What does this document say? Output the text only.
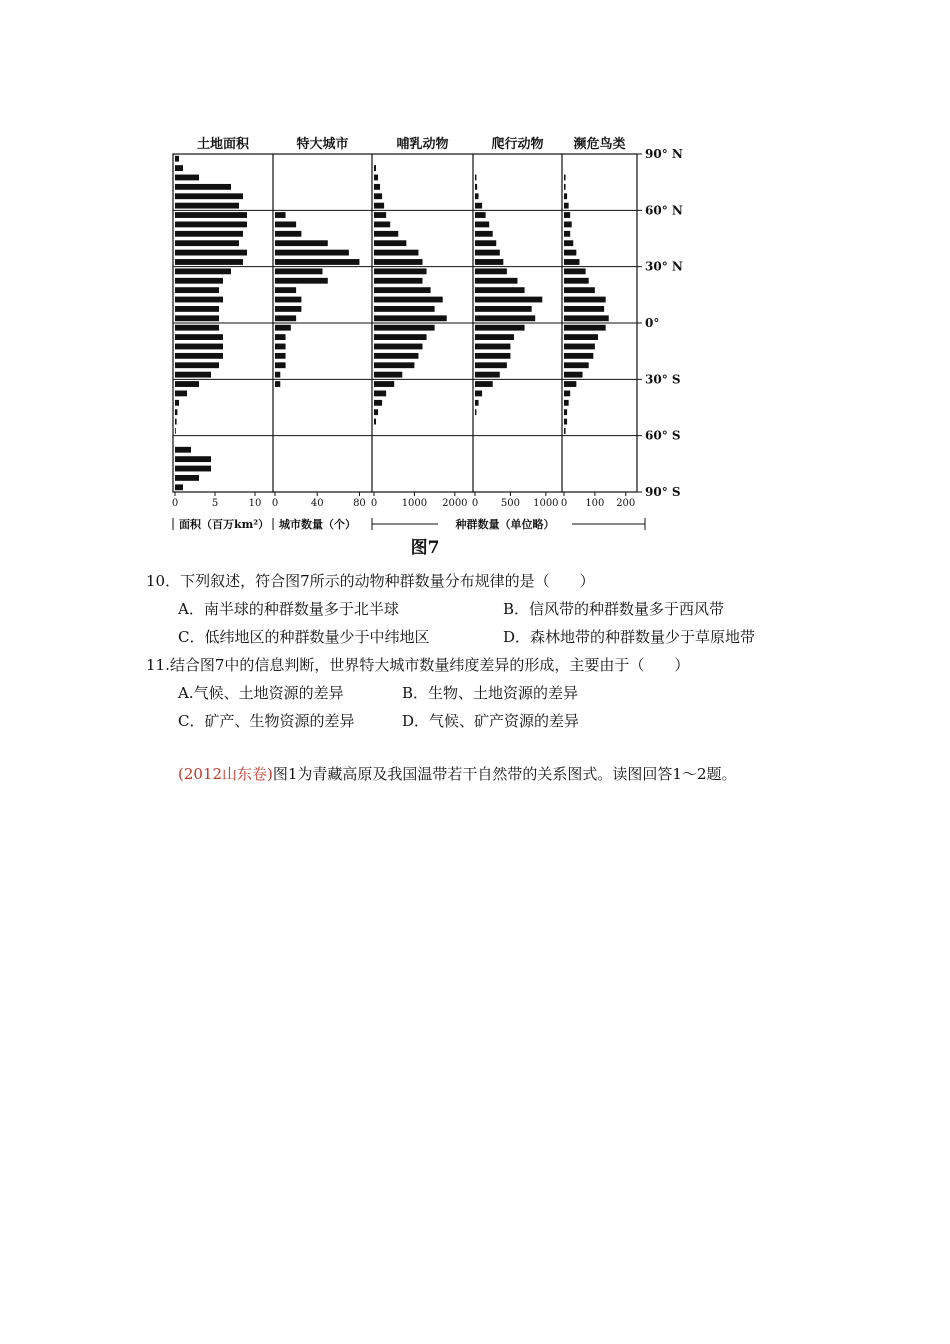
90° N
60° N
30° N
0°
30° S
60° S
90° S
土地面积
0	5	10
特大城市
0	40	80
哺乳动物
0 1000 2000
爬行动物
0 500 1000
濒危鸟类
0 100 200
面积（百万km²） 城市数量（个）	种群数量（单位略）
图7
10．下列叙述，符合图7所示的动物种群数量分布规律的是（　　）
A．南半球的种群数量多于北半球	B．信风带的种群数量多于西风带
C．低纬地区的种群数量少于中纬地区	D．森林地带的种群数量少于草原地带
11.结合图7中的信息判断，世界特大城市数量纬度差异的形成，主要由于（　　）
A.气候、土地资源的差异	B．生物、土地资源的差异
C．矿产、生物资源的差异	D．气候、矿产资源的差异
(2012山东卷)图1为青藏高原及我国温带若干自然带的关系图式。读图回答1～2题。
